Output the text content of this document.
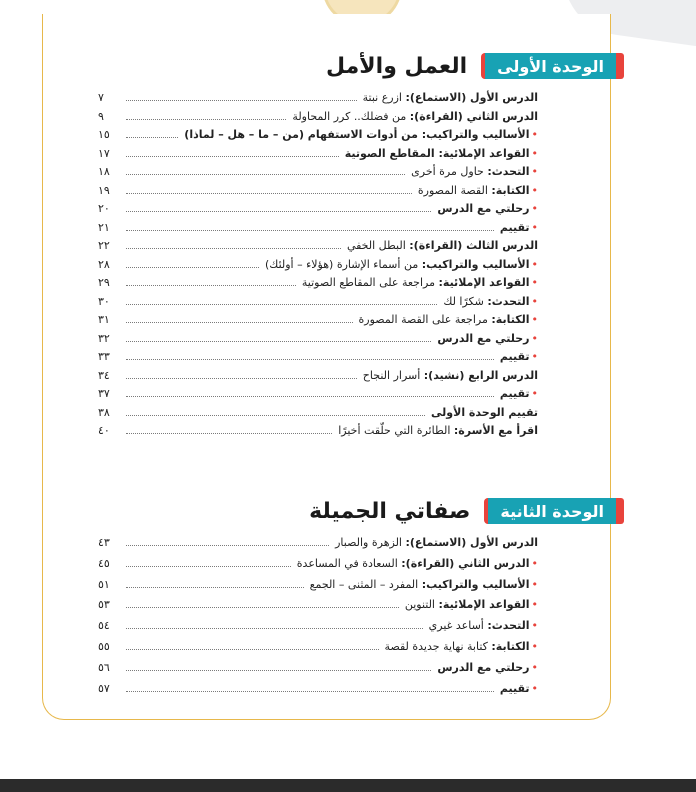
الوحدة الأولى
العمل والأمل
الدرس الأول (الاستماع): ازرع نبتة
٧
الدرس الثاني (القراءة): من فضلك.. كرر المحاولة
٩
•الأساليب والتراكيب: من أدوات الاستفهام (من – ما – هل – لماذا)
١٥
•القواعد الإملائية: المقاطع الصوتية
١٧
•التحدث: حاول مرة أخرى
١٨
•الكتابة: القصة المصورة
١٩
•رحلتي مع الدرس
٢٠
•تقييم
٢١
الدرس الثالث (القراءة): البطل الخفي
٢٢
•الأساليب والتراكيب: من أسماء الإشارة (هؤلاء – أولئك)
٢٨
•القواعد الإملائية: مراجعة على المقاطع الصوتية
٢٩
•التحدث: شكرًا لك
٣٠
•الكتابة: مراجعة على القصة المصورة
٣١
•رحلتي مع الدرس
٣٢
•تقييم
٣٣
الدرس الرابع (نشيد): أسرار النجاح
٣٤
•تقييم
٣٧
تقييم الوحدة الأولى
٣٨
اقرأ مع الأسرة: الطائرة التي حلّقت أخيرًا
٤٠
الوحدة الثانية
صفاتي الجميلة
الدرس الأول (الاستماع): الزهرة والصبار
٤٣
•الدرس الثاني (القراءة): السعادة في المساعدة
٤٥
•الأساليب والتراكيب: المفرد – المثنى – الجمع
٥١
•القواعد الإملائية: التنوين
٥٣
•التحدث: أساعد غيري
٥٤
•الكتابة: كتابة نهاية جديدة لقصة
٥٥
•رحلتي مع الدرس
٥٦
•تقييم
٥٧
